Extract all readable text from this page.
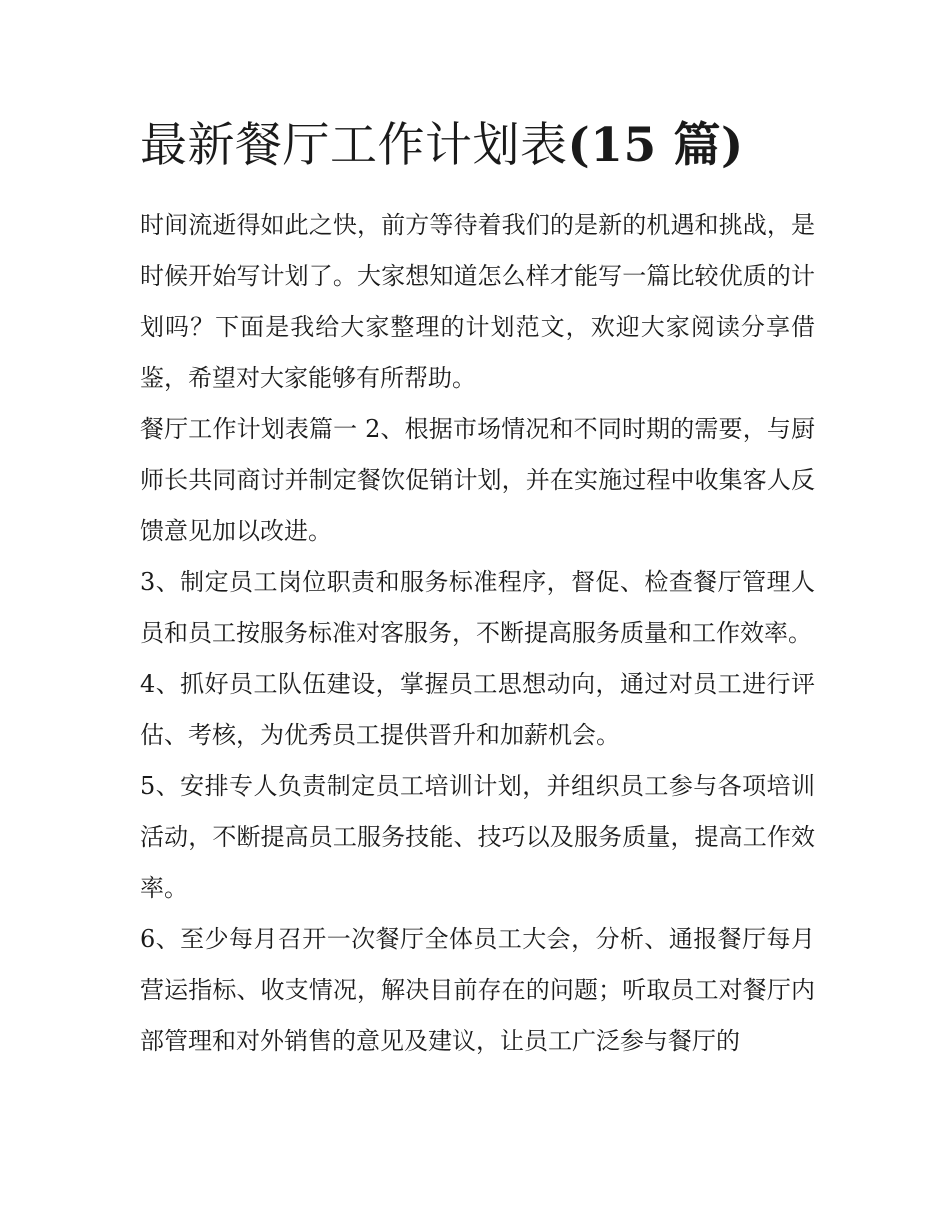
最新餐厅工作计划表(15 篇)

时间流逝得如此之快，前方等待着我们的是新的机遇和挑战，是时候开始写计划了。大家想知道怎么样才能写一篇比较优质的计划吗？下面是我给大家整理的计划范文，欢迎大家阅读分享借鉴，希望对大家能够有所帮助。

餐厅工作计划表篇一 2、根据市场情况和不同时期的需要，与厨师长共同商讨并制定餐饮促销计划，并在实施过程中收集客人反馈意见加以改进。

3、制定员工岗位职责和服务标准程序，督促、检查餐厅管理人员和员工按服务标准对客服务，不断提高服务质量和工作效率。

4、抓好员工队伍建设，掌握员工思想动向，通过对员工进行评估、考核，为优秀员工提供晋升和加薪机会。

5、安排专人负责制定员工培训计划，并组织员工参与各项培训活动，不断提高员工服务技能、技巧以及服务质量，提高工作效率。

6、至少每月召开一次餐厅全体员工大会，分析、通报餐厅每月营运指标、收支情况，解决目前存在的问题；听取员工对餐厅内部管理和对外销售的意见及建议，让员工广泛参与餐厅的
